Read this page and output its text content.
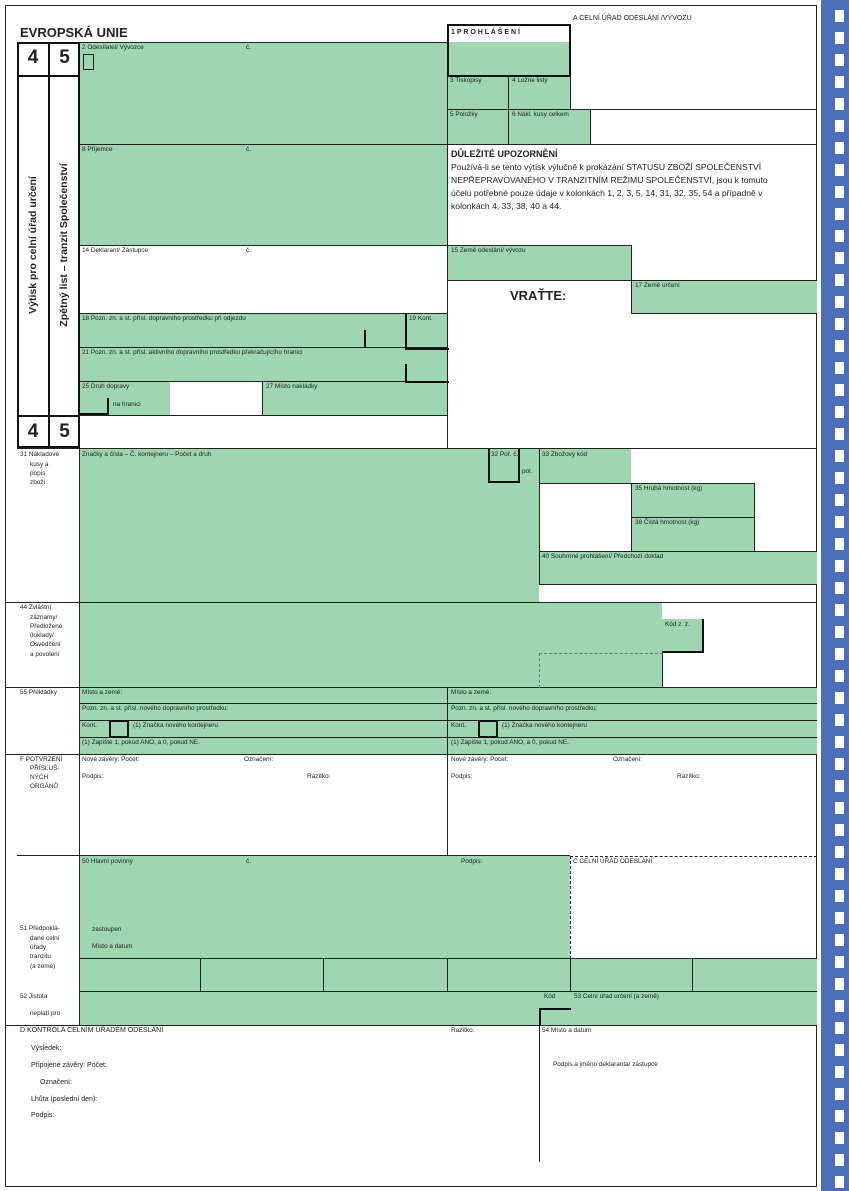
EVROPSKÁ UNIE
4	5
4	5
Výtisk pro celní úřad určení Zpětný list – tranzit Společenství
A CELNÍ ÚŘAD ODESLÁNÍ /VÝVOZU
1 P R O H L Á Š E N Í
2 Odesílatel/ Vývozce	č.
3 Tiskopisy	4 Ložné listy
5 Položky	6 Nákl. kusy celkem
8 Příjemce	č.
14 Deklarant/ Zástupce	č.	15 Země odeslání/ vývozu
17 Země určení
18 Pozn. zn. a st. přísl. dopravního prostředku při odjezdu	19 Kont.
21 Pozn. zn. a st. přísl. aktivního dopravního prostředku překračujícího hranici
25 Druh dopravy
na hranici
27 Místo nakládky
DŮLEŽITÉ UPOZORNĚNÍ
Používá-li se tento výtisk výlučně k prokázání STATUSU ZBOŽÍ SPOLEČENSTVÍ
NEPŘEPRAVOVANÉHO V TRANZITNÍM REŽIMU SPOLEČENSTVÍ, jsou k tomuto
účelu potřebné pouze údaje v kolonkách 1, 2, 3, 5, 14, 31, 32, 35, 54 a případně v
kolonkách 4, 33, 38, 40 a 44.
VRAŤTE:
31 Nákladové
kusy a
popis
zboží
Značky a čísla – Č. kontejneru – Počet a druh	32 Poř. č.
pol.
33 Zbožový kód
35 Hrubá hmotnost (kg)
38 Čistá hmotnost (kg)
40 Souhrnné prohlášení/ Předchozí doklad
44 Zvláštní
záznamy/
Předložené
doklady/
Osvědčení
a povolení
Kód z. z.
55 Překládky	Místo a země:	Místo a země:
Pozn. zn. a st. přísl. nového dopravního prostředku:	Pozn. zn. a st. přísl. nového dopravního prostředku:
Kont.	(1) Značka nového kontejneru	Kont.	(1) Značka nového kontejneru
(1) Zapište 1, pokud ANO, a 0, pokud NE.	(1) Zapište 1, pokud ANO, a 0, pokud NE.
F POTVRZENÍ
PŘÍSLUŠ-
NÝCH
ORGÁNŮ
Nové závěry: Počet:	Označení:
Podpis:	Razítko:
Nové závěry: Počet:	Označení:
Podpis:	Razítko:
50 Hlavní povinný	č.	Podpis:	C CELNÍ ÚŘAD ODESLÁNÍ
51 Předpoklá-
dané celní
úřady
tranzitu
(a země)
zastoupen
Místo a datum
52 Jistota
neplatí pro
Kód	53 Celní úřad určení (a země)
D KONTROLA CELNÍM ÚŘADEM ODESLÁNÍ	Razítko:	54 Místo a datum
Podpis a jméno deklaranta/ zástupce
Výsledek:
Připojené závěry: Počet:
Označení:
Lhůta (poslední den):
Podpis:
